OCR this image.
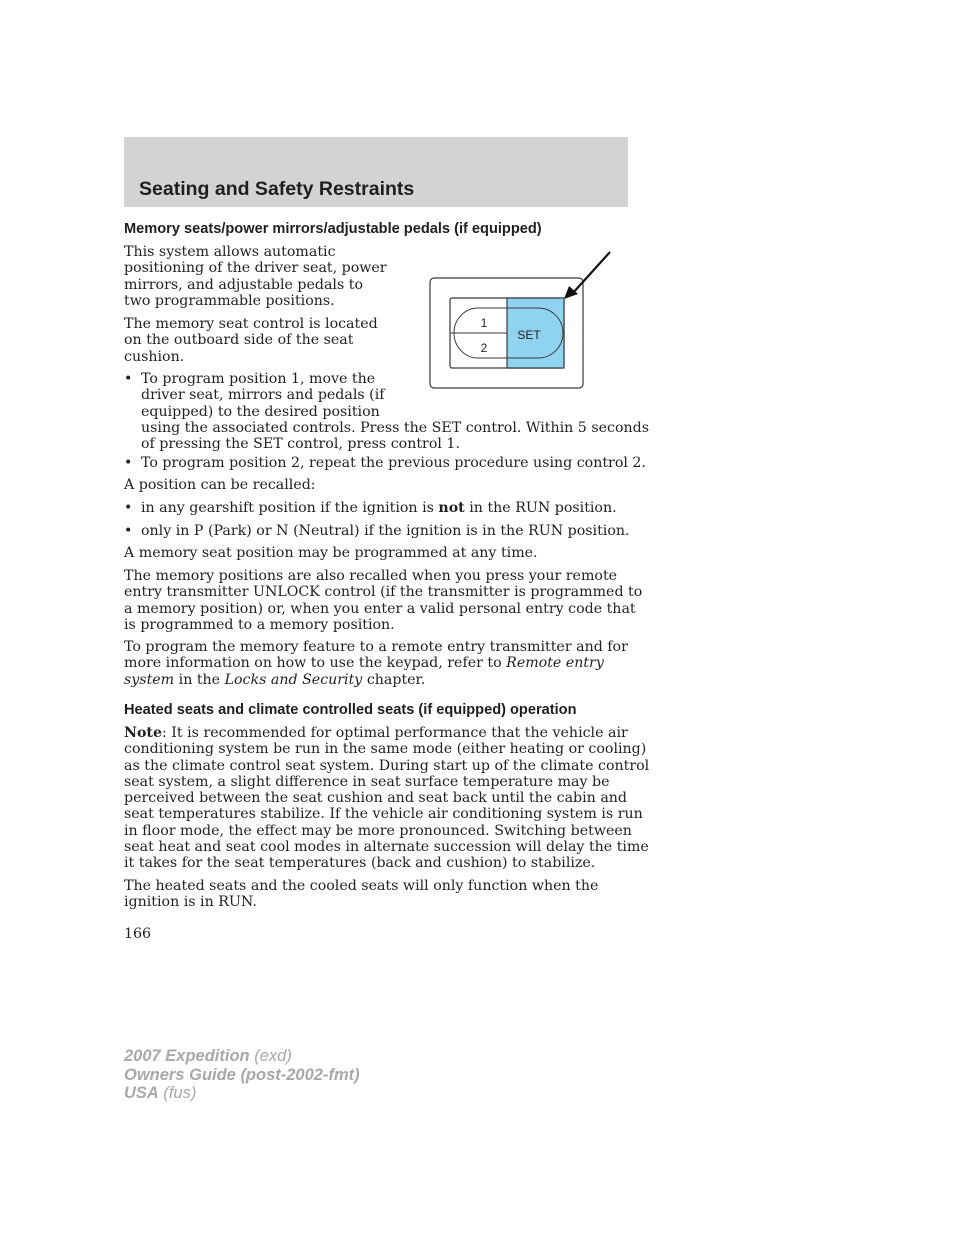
Seating and Safety Restraints
Memory seats/power mirrors/adjustable pedals (if equipped)
This system allows automatic
positioning of the driver seat, power
mirrors, and adjustable pedals to
two programmable positions.
The memory seat control is located
on the outboard side of the seat
cushion.
• To program position 1, move the
driver seat, mirrors and pedals (if
equipped) to the desired position
using the associated controls. Press the SET control. Within 5 seconds
of pressing the SET control, press control 1.
• To program position 2, repeat the previous procedure using control 2.
A position can be recalled:
• in any gearshift position if the ignition is not in the RUN position.
• only in P (Park) or N (Neutral) if the ignition is in the RUN position.
A memory seat position may be programmed at any time.
The memory positions are also recalled when you press your remote
entry transmitter UNLOCK control (if the transmitter is programmed to
a memory position) or, when you enter a valid personal entry code that
is programmed to a memory position.
To program the memory feature to a remote entry transmitter and for
more information on how to use the keypad, refer to Remote entry
system in the Locks and Security chapter.
1
2
SET
Heated seats and climate controlled seats (if equipped) operation
Note: It is recommended for optimal performance that the vehicle air
conditioning system be run in the same mode (either heating or cooling)
as the climate control seat system. During start up of the climate control
seat system, a slight difference in seat surface temperature may be
perceived between the seat cushion and seat back until the cabin and
seat temperatures stabilize. If the vehicle air conditioning system is run
in floor mode, the effect may be more pronounced. Switching between
seat heat and seat cool modes in alternate succession will delay the time
it takes for the seat temperatures (back and cushion) to stabilize.
The heated seats and the cooled seats will only function when the
ignition is in RUN.
166
2007 Expedition (exd)
Owners Guide (post-2002-fmt)
USA (fus)
